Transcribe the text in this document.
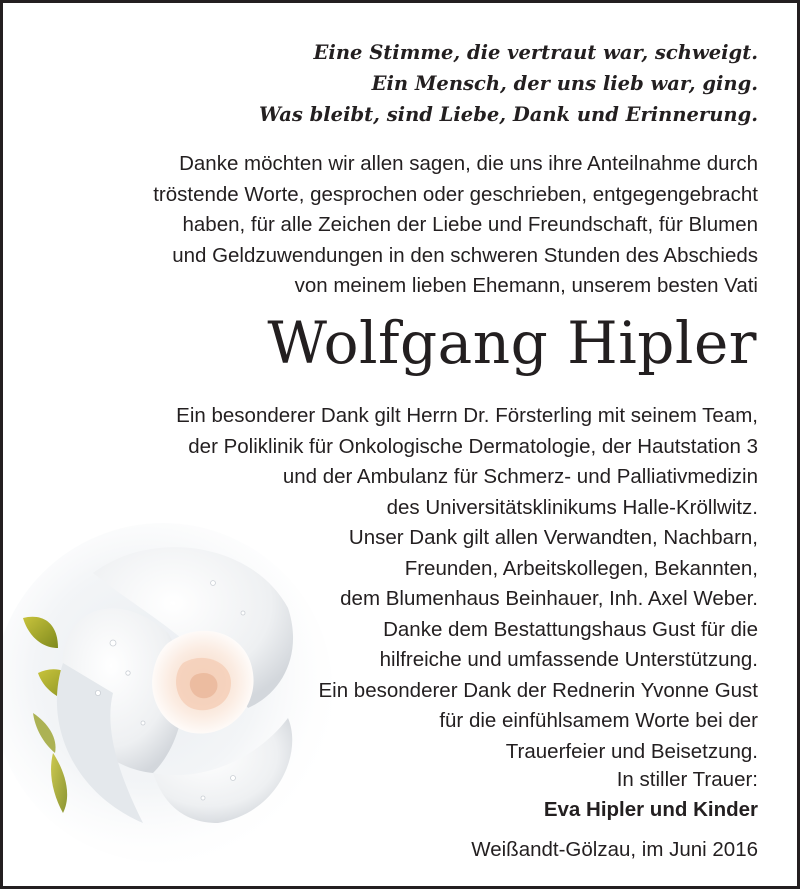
Eine Stimme, die vertraut war, schweigt.
Ein Mensch, der uns lieb war, ging.
Was bleibt, sind Liebe, Dank und Erinnerung.
Danke möchten wir allen sagen, die uns ihre Anteilnahme durch
tröstende Worte, gesprochen oder geschrieben, entgegengebracht
haben, für alle Zeichen der Liebe und Freundschaft, für Blumen
und Geldzuwendungen in den schweren Stunden des Abschieds
von meinem lieben Ehemann, unserem besten Vati
Wolfgang Hipler
Ein besonderer Dank gilt Herrn Dr. Försterling mit seinem Team,
der Poliklinik für Onkologische Dermatologie, der Hautstation 3
und der Ambulanz für Schmerz- und Palliativmedizin
des Universitätsklinikums Halle-Kröllwitz.
Unser Dank gilt allen Verwandten, Nachbarn,
Freunden, Arbeitskollegen, Bekannten,
dem Blumenhaus Beinhauer, Inh. Axel Weber.
Danke dem Bestattungshaus Gust für die
hilfreiche und umfassende Unterstützung.
Ein besonderer Dank der Rednerin Yvonne Gust
für die einfühlsamem Worte bei der
Trauerfeier und Beisetzung.
In stiller Trauer:
Eva Hipler und Kinder
Weißandt-Gölzau, im Juni 2016
